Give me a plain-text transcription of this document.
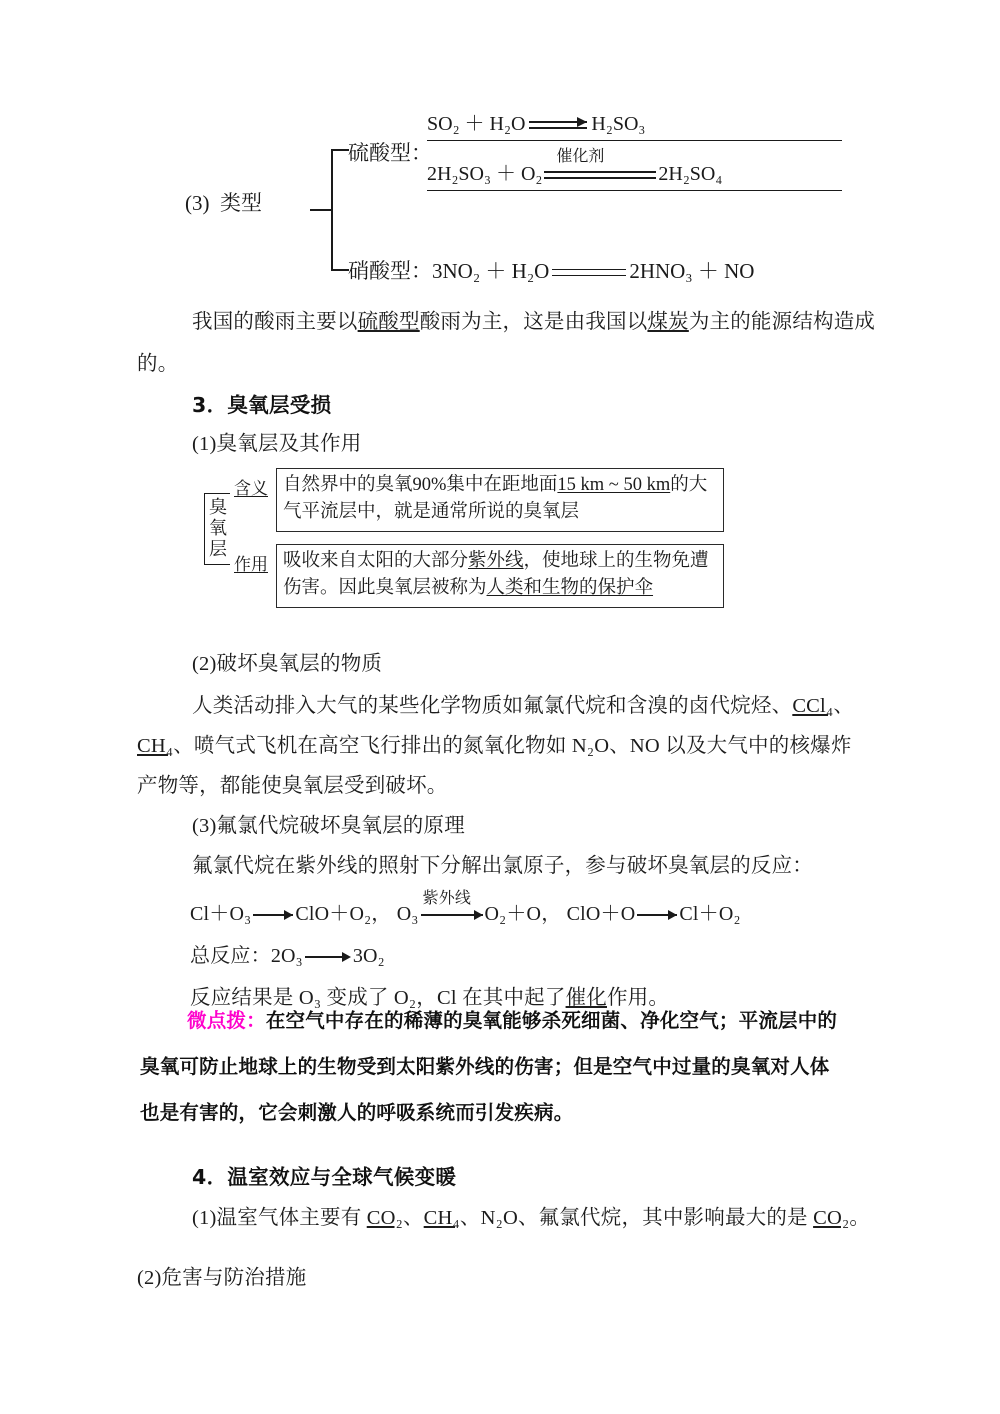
(3) 类型
硫酸型：
SO₂ ＋ H₂O	H₂SO₃
2H₂SO₃ ＋ O₂
催化剂
2H₂SO₄
硝酸型：3NO₂ ＋ H₂O	2HNO₃ ＋ NO
我国的酸雨主要以硫酸型酸雨为主，这是由我国以煤炭为主的能源结构造成
的。
3．臭氧层受损
(1)臭氧层及其作用
臭氧层
含义
作用
自然界中的臭氧90%集中在距地面15 km ~ 50 km的大气平流层中，就是通常所说的臭氧层
吸收来自太阳的大部分紫外线，使地球上的生物免遭伤害。因此臭氧层被称为人类和生物的保护伞
(2)破坏臭氧层的物质
人类活动排入大气的某些化学物质如氟氯代烷和含溴的卤代烷烃、CCl₄、
CH₄、喷气式飞机在高空飞行排出的氮氧化物如 N₂O、NO 以及大气中的核爆炸
产物等，都能使臭氧层受到破坏。
(3)氟氯代烷破坏臭氧层的原理
氟氯代烷在紫外线的照射下分解出氯原子，参与破坏臭氧层的反应：
Cl＋O₃ ClO＋O₂， O₃
紫外线
O₂＋O， ClO＋O Cl＋O₂
总反应：2O₃	3O₂
反应结果是 O₃ 变成了 O₂，Cl 在其中起了催化作用。
微点拨：在空气中存在的稀薄的臭氧能够杀死细菌、净化空气；平流层中的
臭氧可防止地球上的生物受到太阳紫外线的伤害；但是空气中过量的臭氧对人体
也是有害的，它会刺激人的呼吸系统而引发疾病。
4．温室效应与全球气候变暖
(1)温室气体主要有 CO₂、CH₄、N₂O、氟氯代烷，其中影响最大的是 CO₂。
(2)危害与防治措施
